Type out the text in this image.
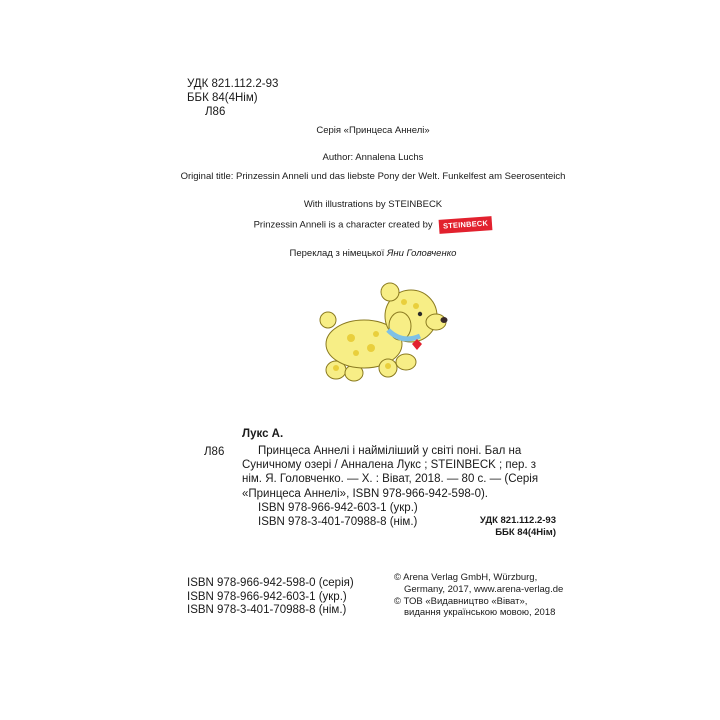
УДК 821.112.2-93
ББК 84(4Нім)
Л86
Серія «Принцеса Аннелі»
Author: Annalena Luchs
Original title: Prinzessin Anneli und das liebste Pony der Welt. Funkelfest am Seerosenteich
With illustrations by STEINBECK
Prinzessin Anneli is a character created by STEINBECK
Переклад з німецької Яни Головченко
Л86
Лукс А.
Принцеса Аннелі і найміліший у світі поні. Бал на Суничному озері / Анналена Лукс ; STEINBECK ; пер. з нім. Я. Головченко. — Х. : Віват, 2018. — 80 с. — (Серія «Принцеса Аннелі», ISBN 978-966-942-598-0).
ISBN 978-966-942-603-1 (укр.)
ISBN 978-3-401-70988-8 (нім.)	УДК 821.112.2-93
ББК 84(4Нім)
ISBN 978-966-942-598-0 (серія)
ISBN 978-966-942-603-1 (укр.)
ISBN 978-3-401-70988-8 (нім.)
© Arena Verlag GmbH, Würzburg,
Germany, 2017, www.arena-verlag.de
© ТОВ «Видавництво «Віват»,
видання українською мовою, 2018
